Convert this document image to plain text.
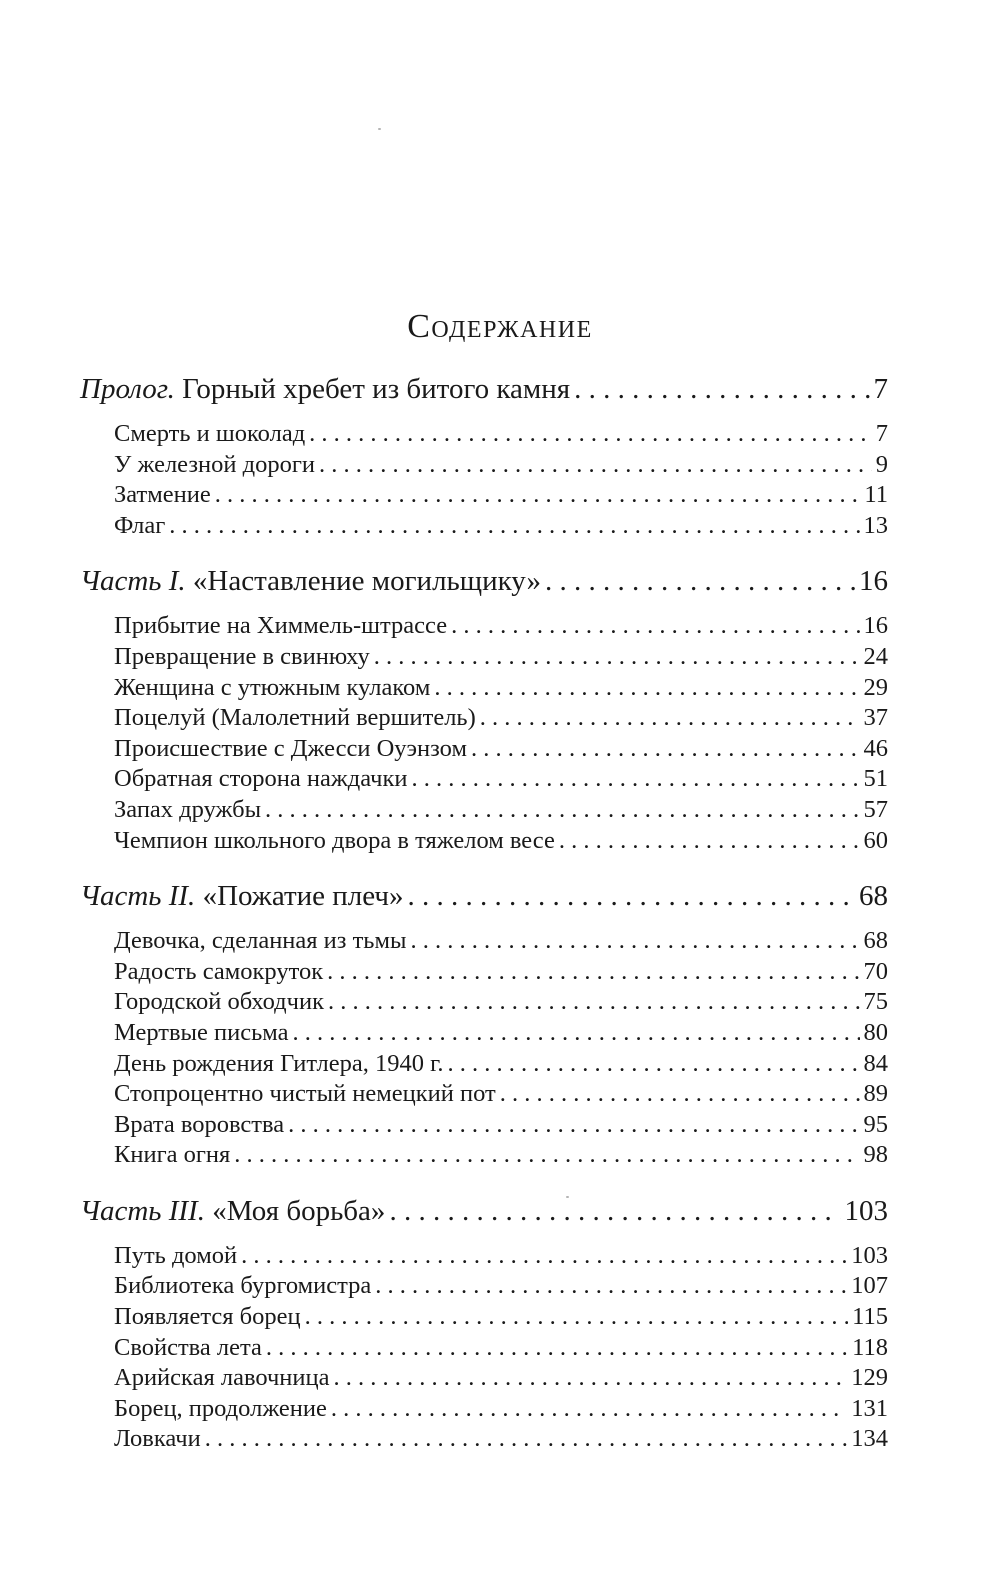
Содержание
Пролог. Горный хребет из битого камня . . .	7
Смерть и шоколад . . .	7
У железной дороги . . .	9
Затмение . . .	11
Флаг . . .	13
Часть I. «Наставление могильщику» . . .	16
Прибытие на Химмель-штрассе . . .	16
Превращение в свинюху . . .	24
Женщина с утюжным кулаком . . .	29
Поцелуй (Малолетний вершитель) . . .	37
Происшествие с Джесси Оуэнзом . . .	46
Обратная сторона наждачки . . .	51
Запах дружбы . . .	57
Чемпион школьного двора в тяжелом весе . . .	60
Часть II. «Пожатие плеч» . . .	68
Девочка, сделанная из тьмы . . .	68
Радость самокруток . . .	70
Городской обходчик . . .	75
Мертвые письма . . .	80
День рождения Гитлера, 1940 г. . . .	84
Стопроцентно чистый немецкий пот . . .	89
Врата воровства . . .	95
Книга огня . . .	98
Часть III. «Моя борьба» . . .	103
Путь домой . . .	103
Библиотека бургомистра . . .	107
Появляется борец . . .	115
Свойства лета . . .	118
Арийская лавочница . . .	129
Борец, продолжение . . .	131
Ловкачи . . .	134
